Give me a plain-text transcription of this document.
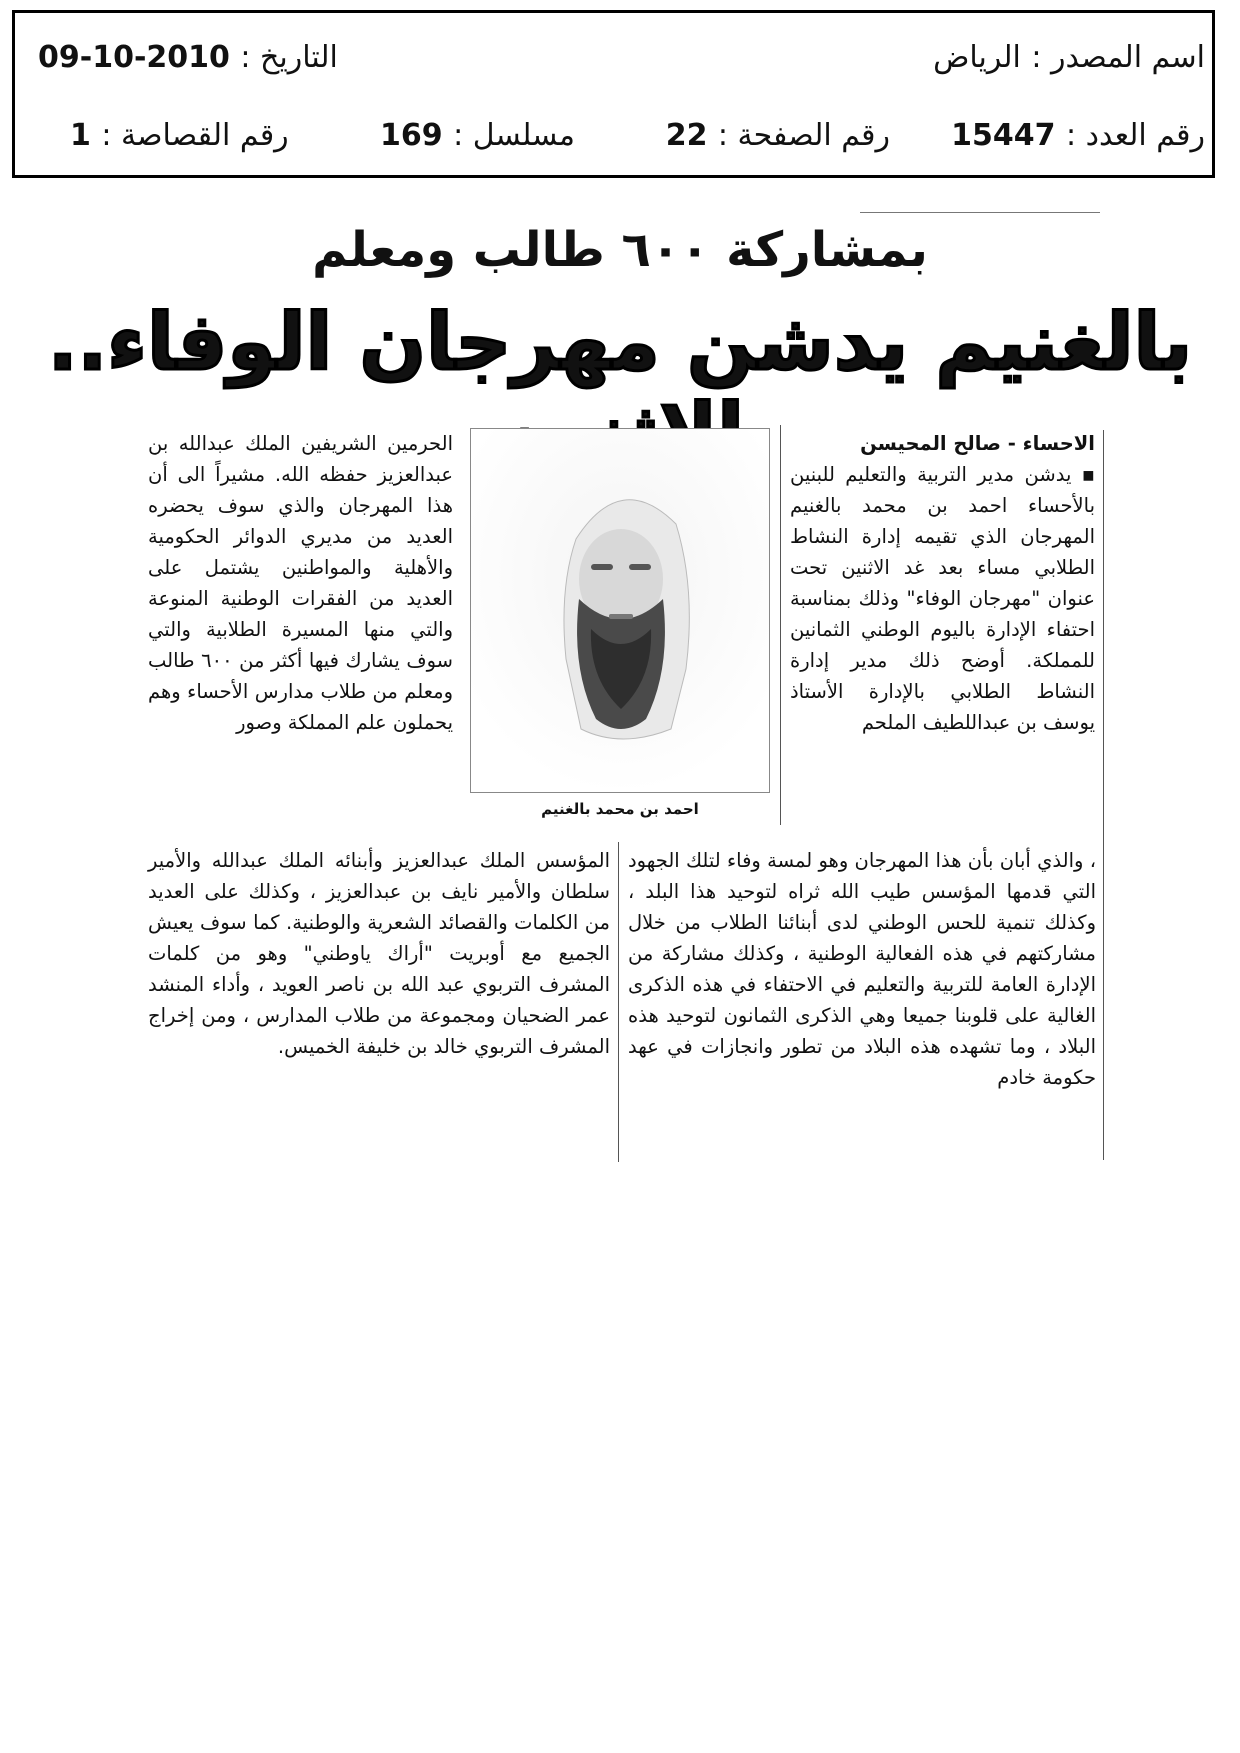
اسم المصدر : الرياض
التاريخ : 2010-10-09
رقم العدد : 15447
رقم الصفحة : 22
مسلسل : 169
رقم القصاصة : 1
بمشاركة ٦٠٠ طالب ومعلم
بالغنيم يدشن مهرجان الوفاء..
الاحساء - صالح المحيسن
▪ يدشن مدير التربية والتعليم للبنين بالأحساء احمد بن محمد بالغنيم المهرجان الذي تقيمه إدارة النشاط الطلابي مساء بعد غد الاثنين تحت عنوان "مهرجان الوفاء" وذلك بمناسبة احتفاء الإدارة باليوم الوطني الثمانين للمملكة. أوضح ذلك مدير إدارة النشاط الطلابي بالإدارة الأستاذ يوسف بن عبداللطيف الملحم
احمد بن محمد بالغنيم
الحرمين الشريفين الملك عبدالله بن عبدالعزيز حفظه الله. مشيراً الى أن هذا المهرجان والذي سوف يحضره العديد من مديري الدوائر الحكومية والأهلية والمواطنين يشتمل على العديد من الفقرات الوطنية المنوعة والتي منها المسيرة الطلابية والتي سوف يشارك فيها أكثر من ٦٠٠ طالب ومعلم من طلاب مدارس الأحساء وهم يحملون علم المملكة وصور
، والذي أبان بأن هذا المهرجان وهو لمسة وفاء لتلك الجهود التي قدمها المؤسس طيب الله ثراه لتوحيد هذا البلد ، وكذلك تنمية للحس الوطني لدى أبنائنا الطلاب من خلال مشاركتهم في هذه الفعالية الوطنية ، وكذلك مشاركة من الإدارة العامة للتربية والتعليم في الاحتفاء في هذه الذكرى الغالية على قلوبنا جميعا وهي الذكرى الثمانون لتوحيد هذه البلاد ، وما تشهده هذه البلاد من تطور وانجازات في عهد حكومة خادم
المؤسس الملك عبدالعزيز وأبنائه الملك عبدالله والأمير سلطان والأمير نايف بن عبدالعزيز ، وكذلك على العديد من الكلمات والقصائد الشعرية والوطنية. كما سوف يعيش الجميع مع أوبريت "أراك ياوطني" وهو من كلمات المشرف التربوي عبد الله بن ناصر العويد ، وأداء المنشد عمر الضحيان ومجموعة من طلاب المدارس ، ومن إخراج المشرف التربوي خالد بن خليفة الخميس.
